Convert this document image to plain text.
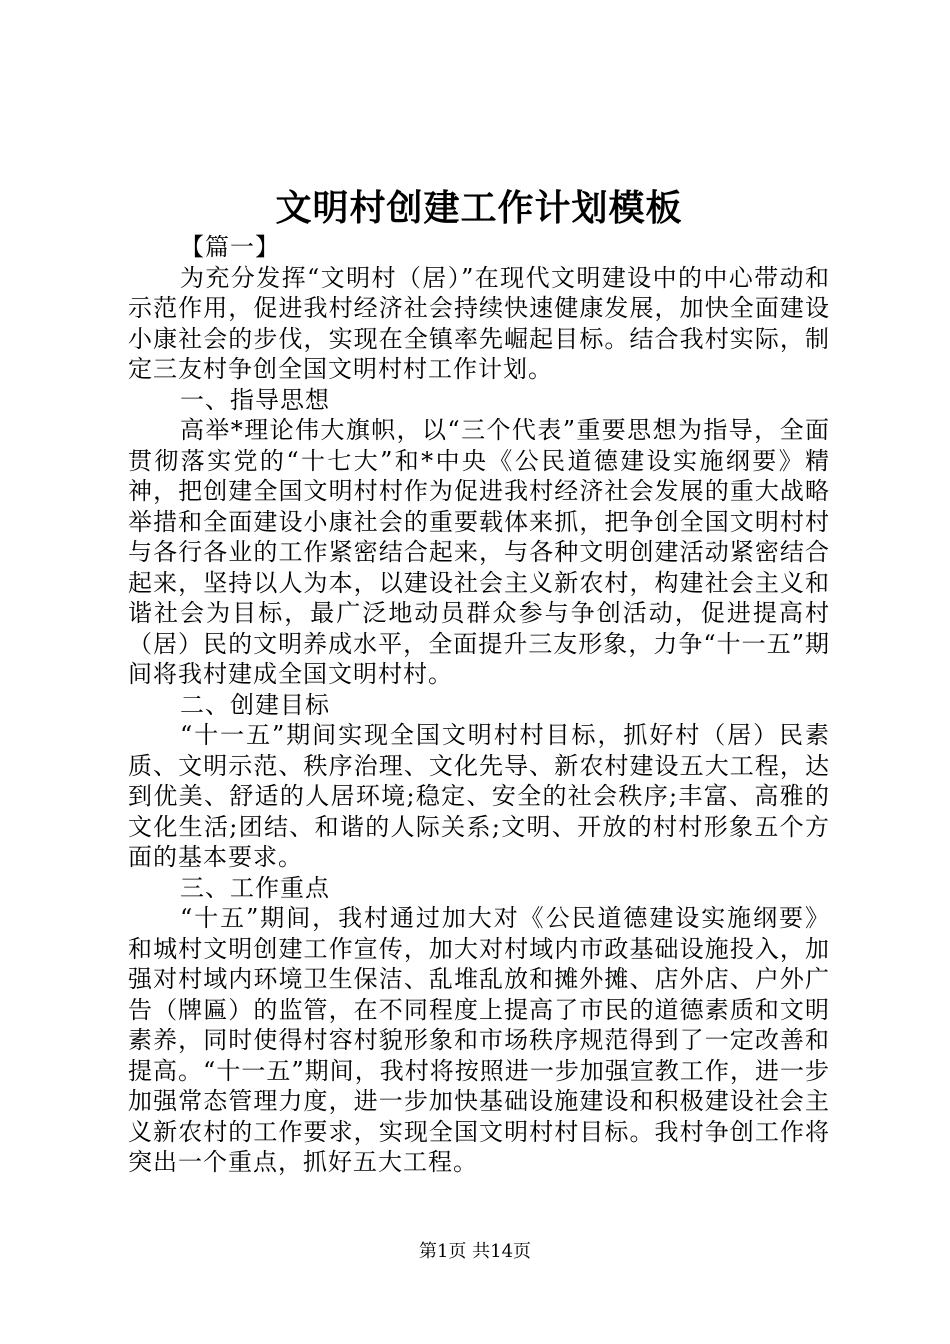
文明村创建工作计划模板

【篇一】

为充分发挥“文明村（居）”在现代文明建设中的中心带动和示范作用，促进我村经济社会持续快速健康发展，加快全面建设小康社会的步伐，实现在全镇率先崛起目标。结合我村实际，制定三友村争创全国文明村村工作计划。

一、指导思想

高举*理论伟大旗帜，以“三个代表”重要思想为指导，全面贯彻落实党的“十七大”和*中央《公民道德建设实施纲要》精神，把创建全国文明村村作为促进我村经济社会发展的重大战略举措和全面建设小康社会的重要载体来抓，把争创全国文明村村与各行各业的工作紧密结合起来，与各种文明创建活动紧密结合起来，坚持以人为本，以建设社会主义新农村，构建社会主义和谐社会为目标，最广泛地动员群众参与争创活动，促进提高村（居）民的文明养成水平，全面提升三友形象，力争“十一五”期间将我村建成全国文明村村。

二、创建目标

“十一五”期间实现全国文明村村目标，抓好村（居）民素质、文明示范、秩序治理、文化先导、新农村建设五大工程，达到优美、舒适的人居环境;稳定、安全的社会秩序;丰富、高雅的文化生活;团结、和谐的人际关系;文明、开放的村村形象五个方面的基本要求。

三、工作重点

“十五”期间，我村通过加大对《公民道德建设实施纲要》和城村文明创建工作宣传，加大对村域内市政基础设施投入，加强对村域内环境卫生保洁、乱堆乱放和摊外摊、店外店、户外广告（牌匾）的监管，在不同程度上提高了市民的道德素质和文明素养，同时使得村容村貌形象和市场秩序规范得到了一定改善和提高。“十一五”期间，我村将按照进一步加强宣教工作，进一步加强常态管理力度，进一步加快基础设施建设和积极建设社会主义新农村的工作要求，实现全国文明村村目标。我村争创工作将突出一个重点，抓好五大工程。

第1页 共14页
